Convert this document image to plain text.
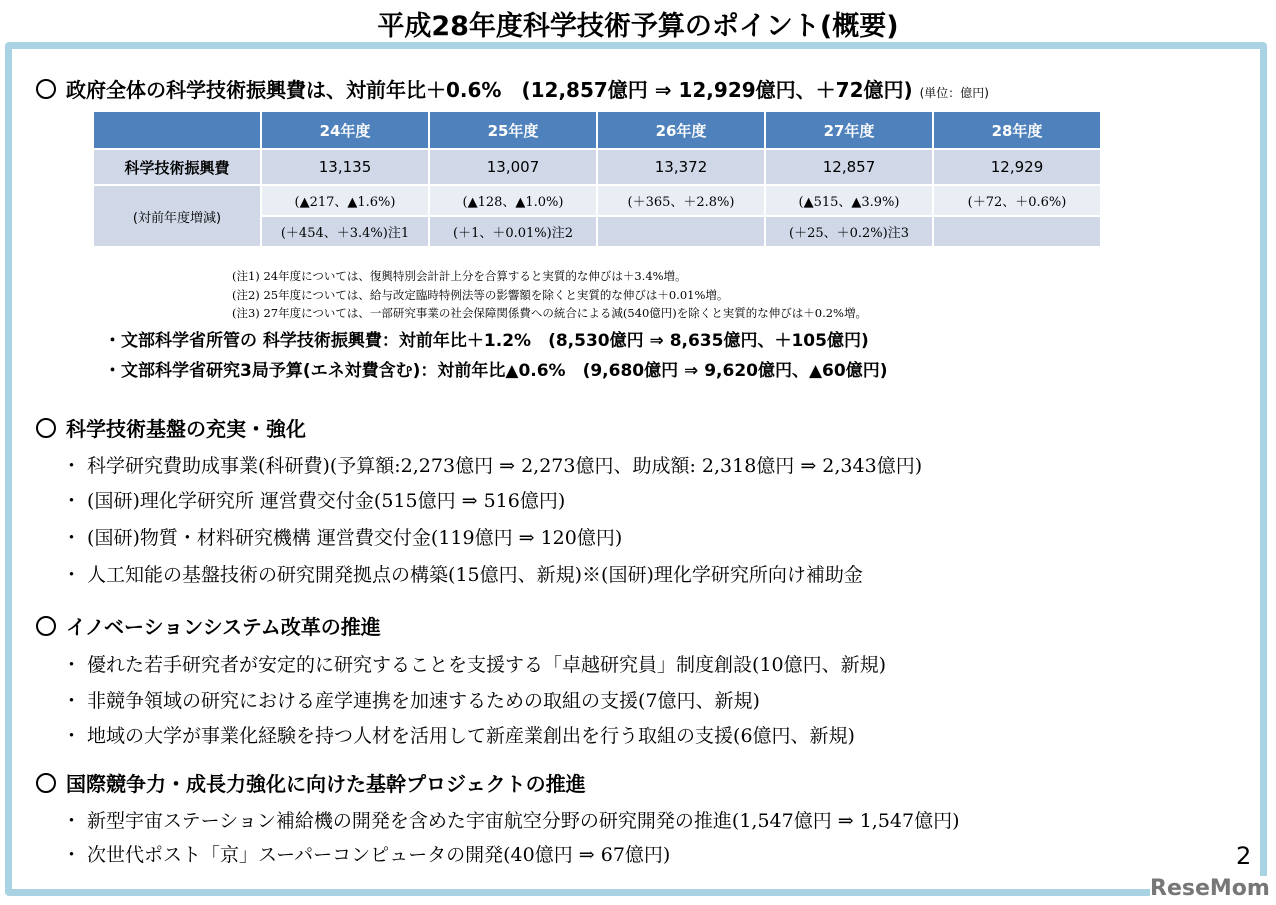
平成28年度科学技術予算のポイント(概要)
政府全体の科学技術振興費は、対前年比＋0.6%　(12,857億円 ⇒ 12,929億円、＋72億円) (単位：億円)
	24年度	25年度	26年度	27年度	28年度
科学技術振興費	13,135	13,007	13,372	12,857	12,929
(対前年度増減)	(▲217、▲1.6%)	(▲128、▲1.0%)	(＋365、＋2.8%)	(▲515、▲3.9%)	(＋72、＋0.6%)
	(＋454、＋3.4%)注1	(＋1、＋0.01%)注2		(＋25、＋0.2%)注3	
(注1) 24年度については、復興特別会計計上分を合算すると実質的な伸びは＋3.4%増。
(注2) 25年度については、給与改定臨時特例法等の影響額を除くと実質的な伸びは＋0.01%増。
(注3) 27年度については、一部研究事業の社会保障関係費への統合による減(540億円)を除くと実質的な伸びは＋0.2%増。
・文部科学省所管の 科学技術振興費：対前年比＋1.2%　(8,530億円 ⇒ 8,635億円、＋105億円)
・文部科学省研究3局予算(エネ対費含む)：対前年比▲0.6%　(9,680億円 ⇒ 9,620億円、▲60億円)
科学技術基盤の充実・強化
・ 科学研究費助成事業(科研費)(予算額:2,273億円 ⇒ 2,273億円、助成額: 2,318億円 ⇒ 2,343億円)
・ (国研)理化学研究所 運営費交付金(515億円 ⇒ 516億円)
・ (国研)物質・材料研究機構 運営費交付金(119億円 ⇒ 120億円)
・ 人工知能の基盤技術の研究開発拠点の構築(15億円、新規)※(国研)理化学研究所向け補助金
イノベーションシステム改革の推進
・ 優れた若手研究者が安定的に研究することを支援する「卓越研究員」制度創設(10億円、新規)
・ 非競争領域の研究における産学連携を加速するための取組の支援(7億円、新規)
・ 地域の大学が事業化経験を持つ人材を活用して新産業創出を行う取組の支援(6億円、新規)
国際競争力・成長力強化に向けた基幹プロジェクトの推進
・ 新型宇宙ステーション補給機の開発を含めた宇宙航空分野の研究開発の推進(1,547億円 ⇒ 1,547億円)
・ 次世代ポスト「京」スーパーコンピュータの開発(40億円 ⇒ 67億円)	2
ReseMom
